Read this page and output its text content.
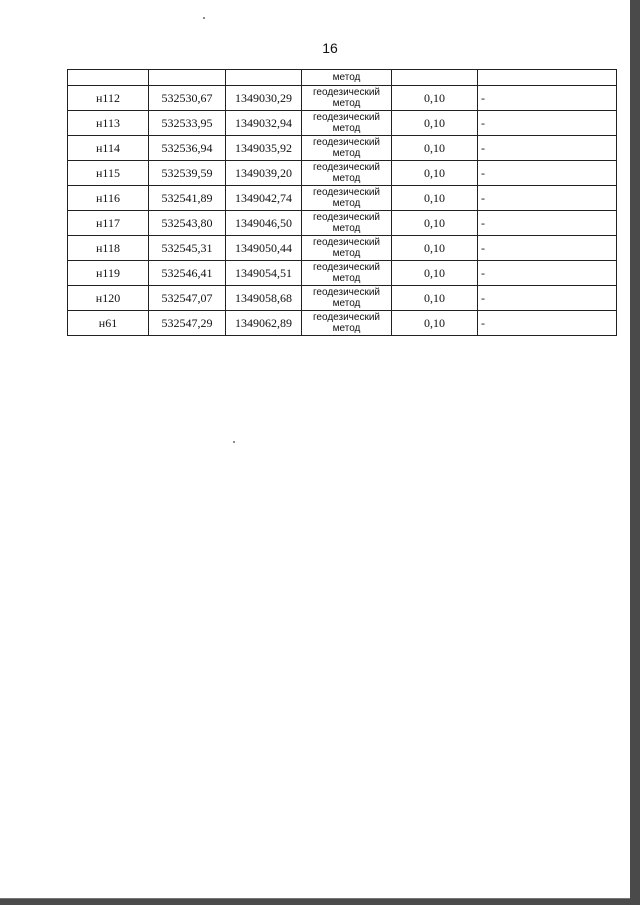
16
			метод		
н112	532530,67	1349030,29	геодезический метод	0,10	-
н113	532533,95	1349032,94	геодезический метод	0,10	-
н114	532536,94	1349035,92	геодезический метод	0,10	-
н115	532539,59	1349039,20	геодезический метод	0,10	-
н116	532541,89	1349042,74	геодезический метод	0,10	-
н117	532543,80	1349046,50	геодезический метод	0,10	-
н118	532545,31	1349050,44	геодезический метод	0,10	-
н119	532546,41	1349054,51	геодезический метод	0,10	-
н120	532547,07	1349058,68	геодезический метод	0,10	-
н61	532547,29	1349062,89	геодезический метод	0,10	-
